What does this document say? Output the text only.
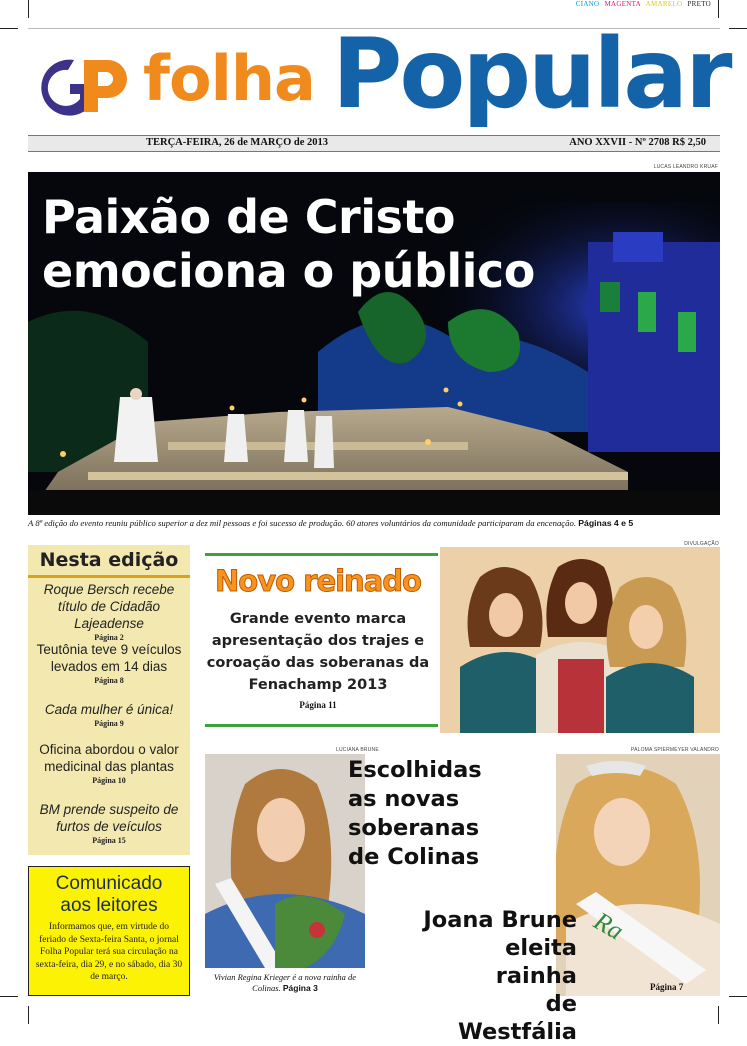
CIANO MAGENTA AMARELO PRETO
GP folha Popular
TERÇA-FEIRA, 26 de MARÇO de 2013	ANO XXVII - Nº 2708 R$ 2,50
LUCAS LEANDRO KRUAF
Paixão de Cristo
emociona o público
A 8ª edição do evento reuniu público superior a dez mil pessoas e foi sucesso de produção. 60 atores voluntários da comunidade participaram da encenação. Páginas 4 e 5
Nesta edição
Roque Bersch recebe título de Cidadão Lajeadense
Página 2
Teutônia teve 9 veículos levados em 14 dias
Página 8
Cada mulher é única!
Página 9
Oficina abordou o valor medicinal das plantas
Página 10
BM prende suspeito de furtos de veículos
Página 15
Comunicado
aos leitores
Informamos que, em virtude do feriado de Sexta-feira Santa, o jornal Folha Popular terá sua circulação na sexta-feira, dia 29, e no sábado, dia 30 de março.
Novo reinado
Grande evento marca apresentação dos trajes e coroação das soberanas da Fenachamp 2013
Página 11
DIVULGAÇÃO
LUCIANA BRUNE
Vivian Regina Krieger é a nova rainha de Colinas. Página 3
Escolhidas
as novas
soberanas
de Colinas
PALOMA SPIERMEYER VALANDRO
Ra
Joana Brune
eleita rainha
de Westfália
Página 7
